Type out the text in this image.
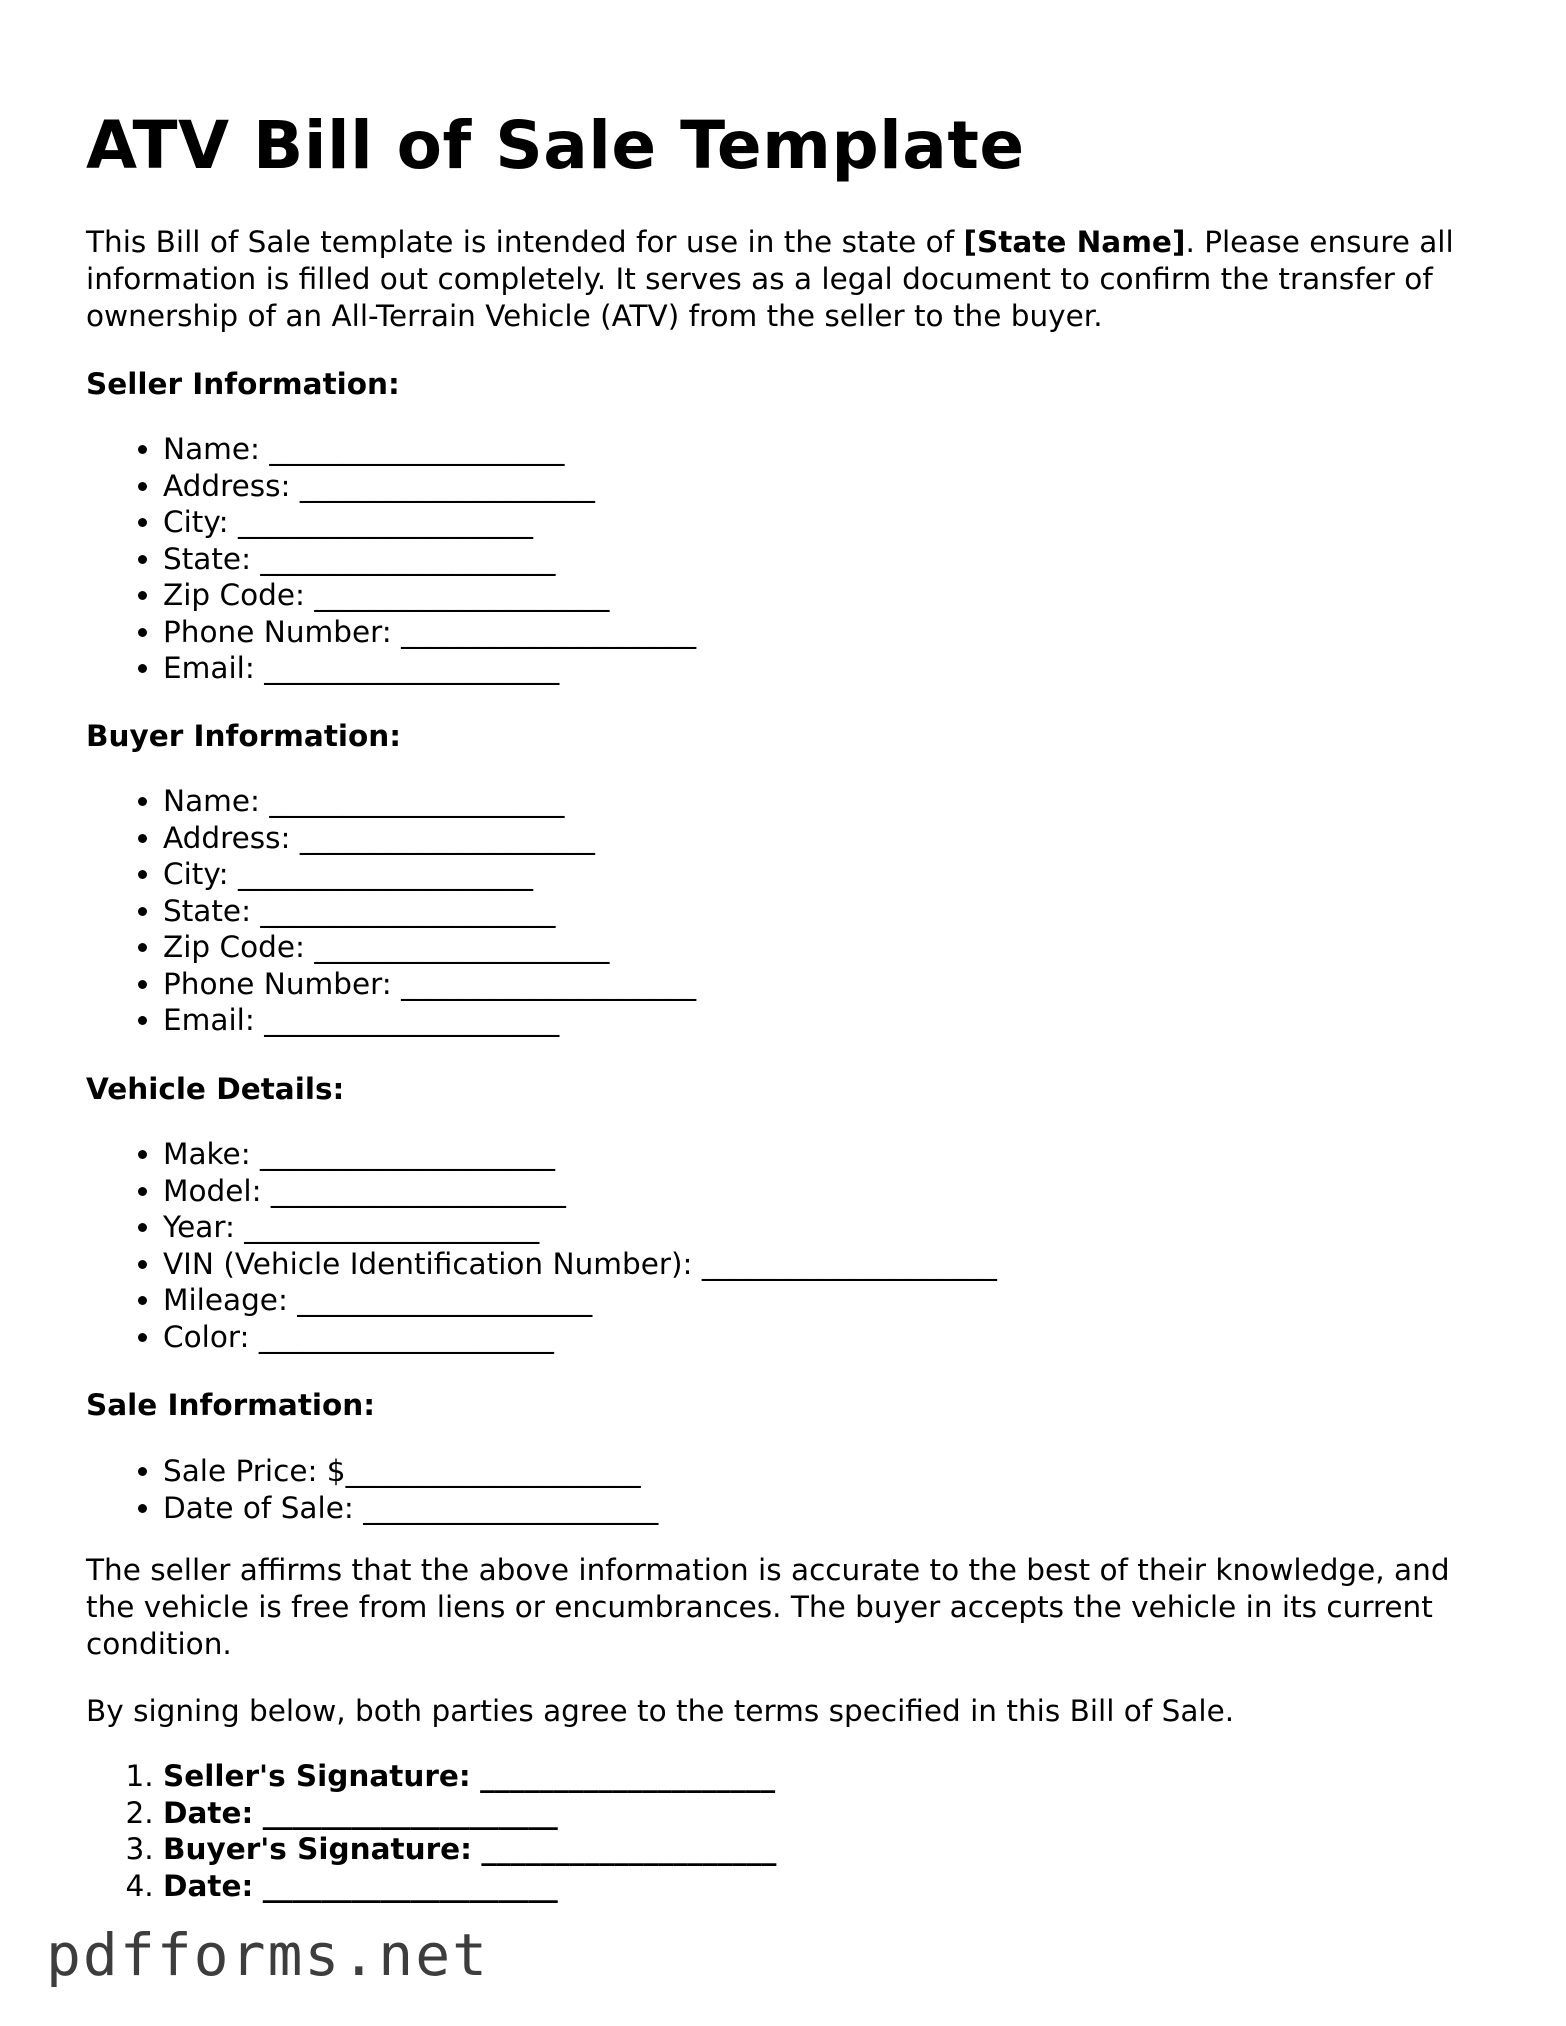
ATV Bill of Sale Template

This Bill of Sale template is intended for use in the state of [State Name]. Please ensure all information is filled out completely. It serves as a legal document to confirm the transfer of ownership of an All-Terrain Vehicle (ATV) from the seller to the buyer.

Seller Information:
• Name: ____________________
• Address: ____________________
• City: ____________________
• State: ____________________
• Zip Code: ____________________
• Phone Number: ____________________
• Email: ____________________
Buyer Information:
• Name: ____________________
• Address: ____________________
• City: ____________________
• State: ____________________
• Zip Code: ____________________
• Phone Number: ____________________
• Email: ____________________
Vehicle Details:
• Make: ____________________
• Model: ____________________
• Year: ____________________
• VIN (Vehicle Identification Number): ____________________
• Mileage: ____________________
• Color: ____________________
Sale Information:
• Sale Price: $____________________
• Date of Sale: ____________________

The seller affirms that the above information is accurate to the best of their knowledge, and the vehicle is free from liens or encumbrances. The buyer accepts the vehicle in its current condition.

By signing below, both parties agree to the terms specified in this Bill of Sale.

1. Seller's Signature: ____________________
2. Date: ____________________
3. Buyer's Signature: ____________________
4. Date: ____________________
pdfforms.net
